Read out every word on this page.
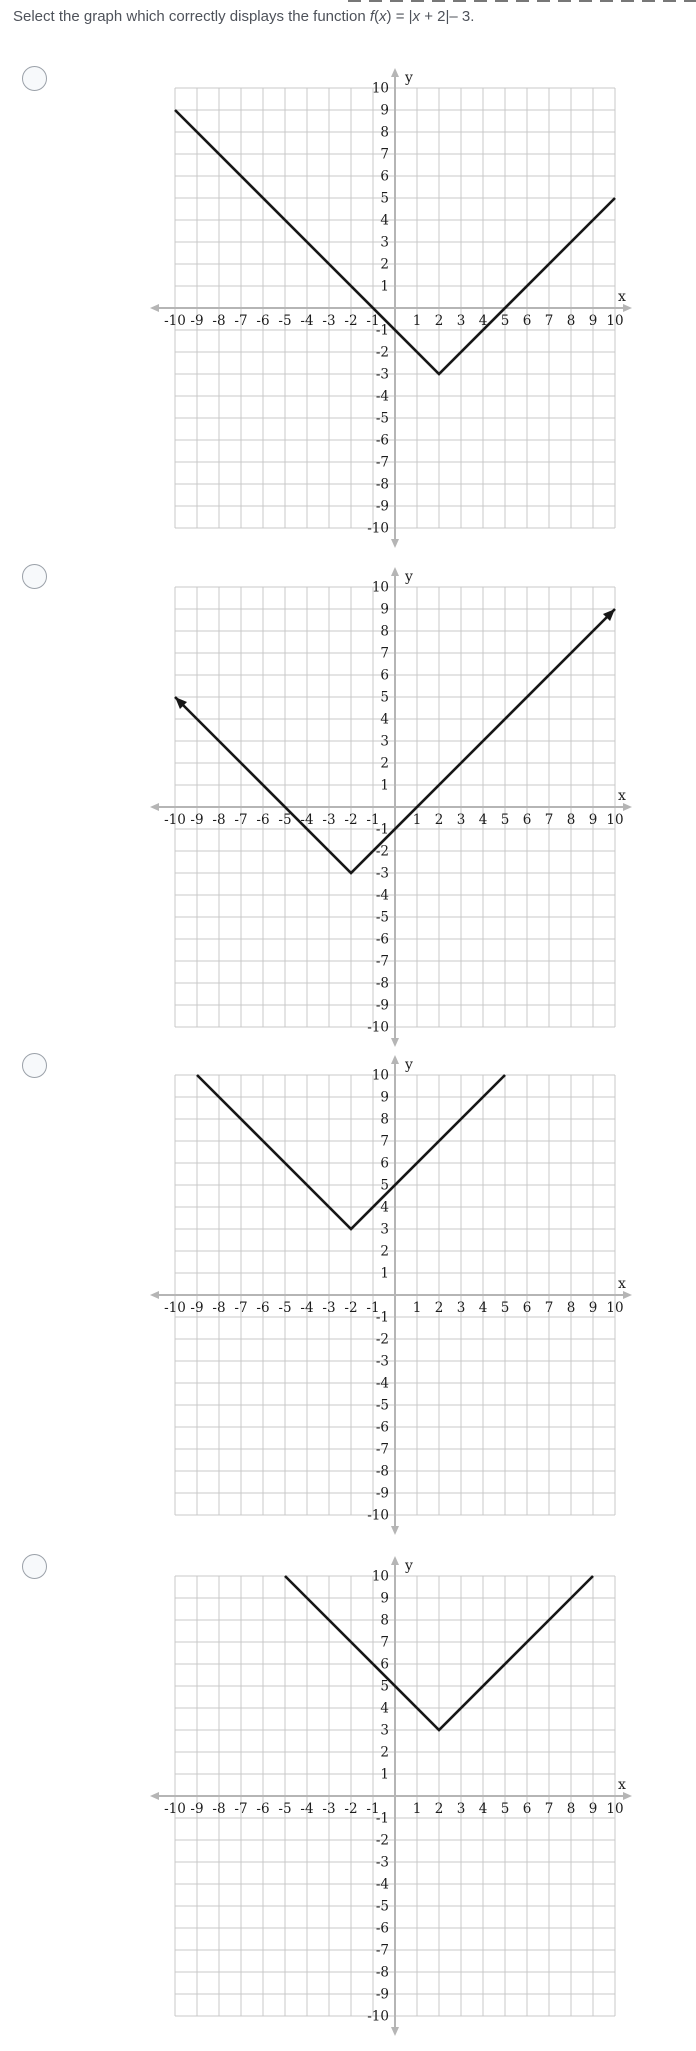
Select the graph which correctly displays the function f(x) = |x + 2|– 3.
-10 -9 -8 -7 -6 -5 -4 -3 -2 -1 1 2 3 4 5 6 7 8 9 10
10
9
8
7
6
5
4
3
2
1
-1
-2
-3
-4
-5
-6
-7
-8
-9
-10
x
y
-10 -9 -8 -7 -6 -5 -4 -3 -2 -1 1 2 3 4 5 6 7 8 9 10
10
9
8
7
6
5
4
3
2
1
-1
-2
-3
-4
-5
-6
-7
-8
-9
-10
x
y
-10 -9 -8 -7 -6 -5 -4 -3 -2 -1 1 2 3 4 5 6 7 8 9 10
10
9
8
7
6
5
4
3
2
1
-1
-2
-3
-4
-5
-6
-7
-8
-9
-10
x
y
-10 -9 -8 -7 -6 -5 -4 -3 -2 -1 1 2 3 4 5 6 7 8 9 10
10
9
8
7
6
5
4
3
2
1
-1
-2
-3
-4
-5
-6
-7
-8
-9
-10
x
y
